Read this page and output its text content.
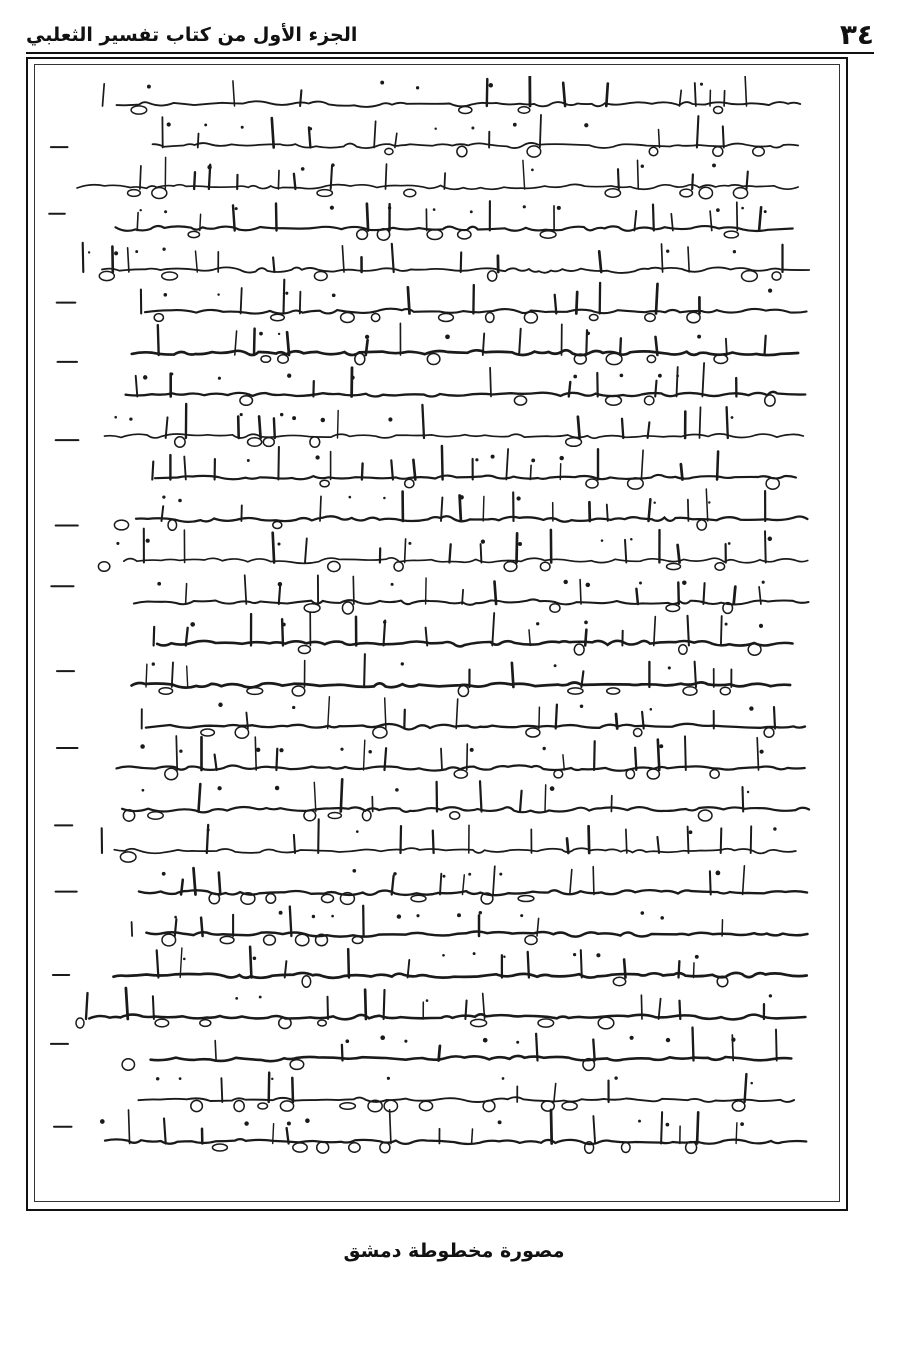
٣٤
الجزء الأول من كتاب تفسير الثعلبي
مصورة مخطوطة دمشق
